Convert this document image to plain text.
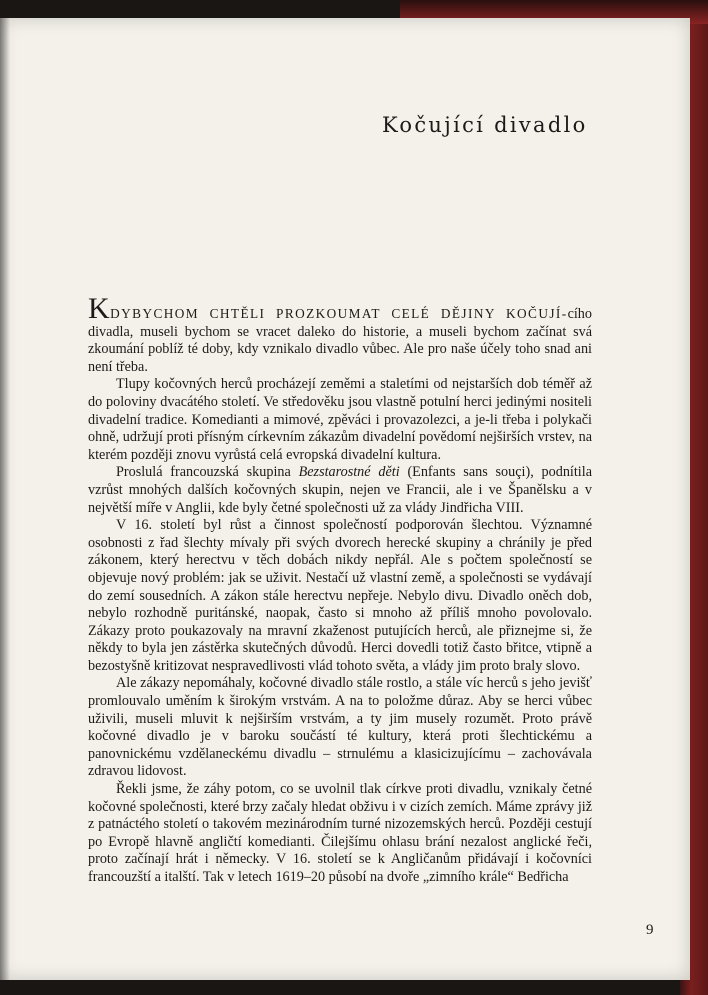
Kočující divadlo

KDYBYCHOM CHTĚLI PROZKOUMAT CELÉ DĚJINY KOČUJÍ-cího divadla, museli bychom se vracet daleko do historie, a museli bychom začínat svá zkoumání poblíž té doby, kdy vznikalo divadlo vůbec. Ale pro naše účely toho snad ani není třeba.

Tlupy kočovných herců procházejí zeměmi a staletími od nejstarších dob téměř až do poloviny dvacátého století. Ve středověku jsou vlastně potulní herci jedinými nositeli divadelní tradice. Komedianti a mimové, zpěváci i provazolezci, a je-li třeba i polykači ohně, udržují proti přísným církevním zákazům divadelní povědomí nejširších vrstev, na kterém později znovu vyrůstá celá evropská divadelní kultura.

Proslulá francouzská skupina Bezstarostné děti (Enfants sans souçi), podnítila vzrůst mnohých dalších kočovných skupin, nejen ve Francii, ale i ve Španělsku a v největší míře v Anglii, kde byly četné společnosti už za vlády Jindřicha VIII.

V 16. století byl růst a činnost společností podporován šlechtou. Významné osobnosti z řad šlechty mívaly při svých dvorech herecké skupiny a chránily je před zákonem, který herectvu v těch dobách nikdy nepřál. Ale s počtem společností se objevuje nový problém: jak se uživit. Nestačí už vlastní země, a společnosti se vydávají do zemí sousedních. A zákon stále herectvu nepřeje. Nebylo divu. Divadlo oněch dob, nebylo rozhodně puritánské, naopak, často si mnoho až příliš mnoho povolovalo. Zákazy proto poukazovaly na mravní zkaženost putujících herců, ale přiznejme si, že někdy to byla jen zástěrka skutečných důvodů. Herci dovedli totiž často břitce, vtipně a bezostyšně kritizovat nespravedlivosti vlád tohoto světa, a vlády jim proto braly slovo.

Ale zákazy nepomáhaly, kočovné divadlo stále rostlo, a stále víc herců s jeho jevišť promlouvalo uměním k širokým vrstvám. A na to položme důraz. Aby se herci vůbec uživili, museli mluvit k nejširším vrstvám, a ty jim musely rozumět. Proto právě kočovné divadlo je v baroku součástí té kultury, která proti šlechtickému a panovnickému vzdělaneckému divadlu – strnulému a klasicizujícímu – zachovávala zdravou lidovost.

Řekli jsme, že záhy potom, co se uvolnil tlak církve proti divadlu, vznikaly četné kočovné společnosti, které brzy začaly hledat obživu i v cizích zemích. Máme zprávy již z patnáctého století o takovém mezinárodním turné nizozemských herců. Později cestují po Evropě hlavně angličtí komedianti. Čilejšímu ohlasu brání nezalost anglické řeči, proto začínají hrát i německy. V 16. století se k Angličanům přidávají i kočovníci francouzští a italští. Tak v letech 1619–20 působí na dvoře „zimního krále“ Bedřicha

9
